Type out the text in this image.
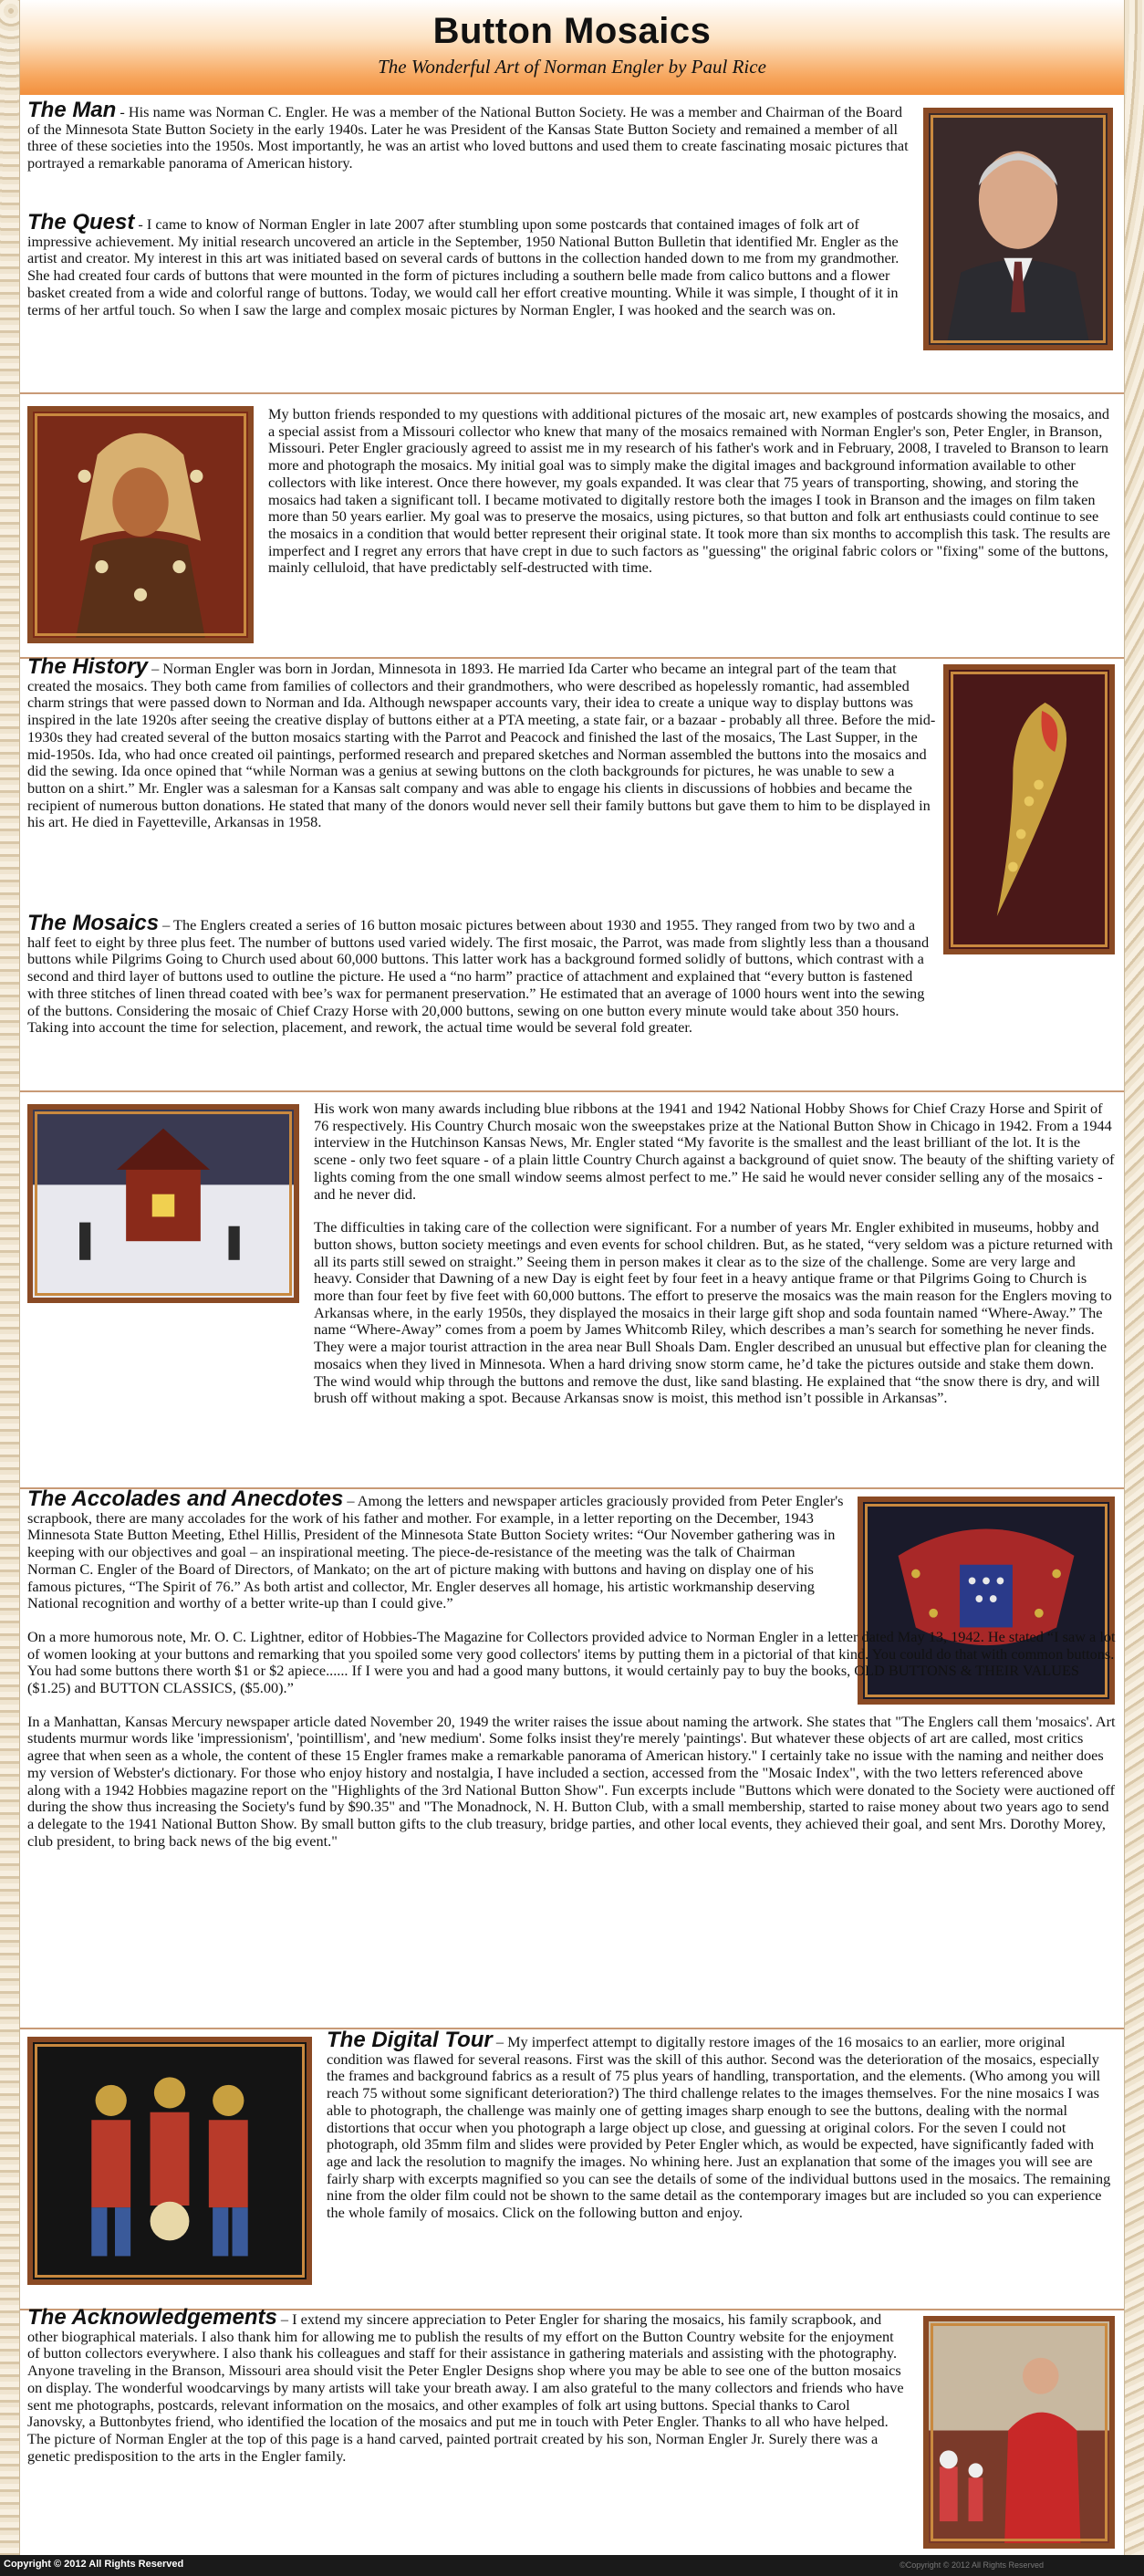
Button Mosaics
The Wonderful Art of Norman Engler by Paul Rice
The Man - His name was Norman C. Engler. He was a member of the National Button Society. He was a member and Chairman of the Board of the Minnesota State Button Society in the early 1940s. Later he was President of the Kansas State Button Society and remained a member of all three of these societies into the 1950s. Most importantly, he was an artist who loved buttons and used them to create fascinating mosaic pictures that portrayed a remarkable panorama of American history.
The Quest - I came to know of Norman Engler in late 2007 after stumbling upon some postcards that contained images of folk art of impressive achievement. My initial research uncovered an article in the September, 1950 National Button Bulletin that identified Mr. Engler as the artist and creator. My interest in this art was initiated based on several cards of buttons in the collection handed down to me from my grandmother. She had created four cards of buttons that were mounted in the form of pictures including a southern belle made from calico buttons and a flower basket created from a wide and colorful range of buttons. Today, we would call her effort creative mounting. While it was simple, I thought of it in terms of her artful touch. So when I saw the large and complex mosaic pictures by Norman Engler, I was hooked and the search was on.
My button friends responded to my questions with additional pictures of the mosaic art, new examples of postcards showing the mosaics, and a special assist from a Missouri collector who knew that many of the mosaics remained with Norman Engler's son, Peter Engler, in Branson, Missouri. Peter Engler graciously agreed to assist me in my research of his father's work and in February, 2008, I traveled to Branson to learn more and photograph the mosaics. My initial goal was to simply make the digital images and background information available to other collectors with like interest. Once there however, my goals expanded. It was clear that 75 years of transporting, showing, and storing the mosaics had taken a significant toll. I became motivated to digitally restore both the images I took in Branson and the images on film taken more than 50 years earlier. My goal was to preserve the mosaics, using pictures, so that button and folk art enthusiasts could continue to see the mosaics in a condition that would better represent their original state. It took more than six months to accomplish this task. The results are imperfect and I regret any errors that have crept in due to such factors as "guessing" the original fabric colors or "fixing" some of the buttons, mainly celluloid, that have predictably self-destructed with time.
The History – Norman Engler was born in Jordan, Minnesota in 1893. He married Ida Carter who became an integral part of the team that created the mosaics. They both came from families of collectors and their grandmothers, who were described as hopelessly romantic, had assembled charm strings that were passed down to Norman and Ida. Although newspaper accounts vary, their idea to create a unique way to display buttons was inspired in the late 1920s after seeing the creative display of buttons either at a PTA meeting, a state fair, or a bazaar - probably all three. Before the mid-1930s they had created several of the button mosaics starting with the Parrot and Peacock and finished the last of the mosaics, The Last Supper, in the mid-1950s. Ida, who had once created oil paintings, performed research and prepared sketches and Norman assembled the buttons into the mosaics and did the sewing. Ida once opined that “while Norman was a genius at sewing buttons on the cloth backgrounds for pictures, he was unable to sew a button on a shirt.” Mr. Engler was a salesman for a Kansas salt company and was able to engage his clients in discussions of hobbies and became the recipient of numerous button donations. He stated that many of the donors would never sell their family buttons but gave them to him to be displayed in his art. He died in Fayetteville, Arkansas in 1958.
The Mosaics – The Englers created a series of 16 button mosaic pictures between about 1930 and 1955. They ranged from two by two and a half feet to eight by three plus feet. The number of buttons used varied widely. The first mosaic, the Parrot, was made from slightly less than a thousand buttons while Pilgrims Going to Church used about 60,000 buttons. This latter work has a background formed solidly of buttons, which contrast with a second and third layer of buttons used to outline the picture. He used a “no harm” practice of attachment and explained that “every button is fastened with three stitches of linen thread coated with bee’s wax for permanent preservation.” He estimated that an average of 1000 hours went into the sewing of the buttons. Considering the mosaic of Chief Crazy Horse with 20,000 buttons, sewing on one button every minute would take about 350 hours. Taking into account the time for selection, placement, and rework, the actual time would be several fold greater.

His work won many awards including blue ribbons at the 1941 and 1942 National Hobby Shows for Chief Crazy Horse and Spirit of 76 respectively. His Country Church mosaic won the sweepstakes prize at the National Button Show in Chicago in 1942. From a 1944 interview in the Hutchinson Kansas News, Mr. Engler stated “My favorite is the smallest and the least brilliant of the lot. It is the scene - only two feet square - of a plain little Country Church against a background of quiet snow. The beauty of the shifting variety of lights coming from the one small window seems almost perfect to me.” He said he would never consider selling any of the mosaics - and he never did.

The difficulties in taking care of the collection were significant. For a number of years Mr. Engler exhibited in museums, hobby and button shows, button society meetings and even events for school children. But, as he stated, “very seldom was a picture returned with all its parts still sewed on straight.” Seeing them in person makes it clear as to the size of the challenge. Some are very large and heavy. Consider that Dawning of a new Day is eight feet by four feet in a heavy antique frame or that Pilgrims Going to Church is more than four feet by five feet with 60,000 buttons. The effort to preserve the mosaics was the main reason for the Englers moving to Arkansas where, in the early 1950s, they displayed the mosaics in their large gift shop and soda fountain named “Where-Away.” The name “Where-Away” comes from a poem by James Whitcomb Riley, which describes a man’s search for something he never finds. They were a major tourist attraction in the area near Bull Shoals Dam. Engler described an unusual but effective plan for cleaning the mosaics when they lived in Minnesota. When a hard driving snow storm came, he’d take the pictures outside and stake them down. The wind would whip through the buttons and remove the dust, like sand blasting. He explained that “the snow there is dry, and will brush off without making a spot. Because Arkansas snow is moist, this method isn’t possible in Arkansas”.

The Accolades and Anecdotes – Among the letters and newspaper articles graciously provided from Peter Engler's scrapbook, there are many accolades for the work of his father and mother. For example, in a letter reporting on the December, 1943 Minnesota State Button Meeting, Ethel Hillis, President of the Minnesota State Button Society writes: “Our November gathering was in keeping with our objectives and goal – an inspirational meeting. The piece-de-resistance of the meeting was the talk of Chairman Norman C. Engler of the Board of Directors, of Mankato; on the art of picture making with buttons and having on display one of his famous pictures, “The Spirit of 76.” As both artist and collector, Mr. Engler deserves all homage, his artistic workmanship deserving National recognition and worthy of a better write-up than I could give.”

On a more humorous note, Mr. O. C. Lightner, editor of Hobbies-The Magazine for Collectors provided advice to Norman Engler in a letter dated May 13, 1942. He stated “I saw a lot of women looking at your buttons and remarking that you spoiled some very good collectors' items by putting them in a pictorial of that kind. You could do that with common buttons. You had some buttons there worth $1 or $2 apiece...... If I were you and had a good many buttons, it would certainly pay to buy the books, OLD BUTTONS & THEIR VALUES ($1.25) and BUTTON CLASSICS, ($5.00).”

In a Manhattan, Kansas Mercury newspaper article dated November 20, 1949 the writer raises the issue about naming the artwork. She states that "The Englers call them 'mosaics'. Art students murmur words like 'impressionism', 'pointillism', and 'new medium'. Some folks insist they're merely 'paintings'. But whatever these objects of art are called, most critics agree that when seen as a whole, the content of these 15 Engler frames make a remarkable panorama of American history." I certainly take no issue with the naming and neither does my version of Webster's dictionary. For those who enjoy history and nostalgia, I have included a section, accessed from the "Mosaic Index", with the two letters referenced above along with a 1942 Hobbies magazine report on the "Highlights of the 3rd National Button Show". Fun excerpts include "Buttons which were donated to the Society were auctioned off during the show thus increasing the Society's fund by $90.35" and "The Monadnock, N. H. Button Club, with a small membership, started to raise money about two years ago to send a delegate to the 1941 National Button Show. By small button gifts to the club treasury, bridge parties, and other local events, they achieved their goal, and sent Mrs. Dorothy Morey, club president, to bring back news of the big event."

The Digital Tour – My imperfect attempt to digitally restore images of the 16 mosaics to an earlier, more original condition was flawed for several reasons. First was the skill of this author. Second was the deterioration of the mosaics, especially the frames and background fabrics as a result of 75 plus years of handling, transportation, and the elements. (Who among you will reach 75 without some significant deterioration?) The third challenge relates to the images themselves. For the nine mosaics I was able to photograph, the challenge was mainly one of getting images sharp enough to see the buttons, dealing with the normal distortions that occur when you photograph a large object up close, and guessing at original colors. For the seven I could not photograph, old 35mm film and slides were provided by Peter Engler which, as would be expected, have significantly faded with age and lack the resolution to magnify the images. No whining here. Just an explanation that some of the images you will see are fairly sharp with excerpts magnified so you can see the details of some of the individual buttons used in the mosaics. The remaining nine from the older film could not be shown to the same detail as the contemporary images but are included so you can experience the whole family of mosaics. Click on the following button and enjoy.
The Acknowledgements – I extend my sincere appreciation to Peter Engler for sharing the mosaics, his family scrapbook, and other biographical materials. I also thank him for allowing me to publish the results of my effort on the Button Country website for the enjoyment of button collectors everywhere. I also thank his colleagues and staff for their assistance in gathering materials and assisting with the photography. Anyone traveling in the Branson, Missouri area should visit the Peter Engler Designs shop where you may be able to see one of the button mosaics on display. The wonderful woodcarvings by many artists will take your breath away. I am also grateful to the many collectors and friends who have sent me photographs, postcards, relevant information on the mosaics, and other examples of folk art using buttons. Special thanks to Carol Janovsky, a Buttonbytes friend, who identified the location of the mosaics and put me in touch with Peter Engler. Thanks to all who have helped. The picture of Norman Engler at the top of this page is a hand carved, painted portrait created by his son, Norman Engler Jr. Surely there was a genetic predisposition to the arts in the Engler family.
Copyright © 2012 All Rights Reserved	©Copyright © 2012 All Rights Reserved
